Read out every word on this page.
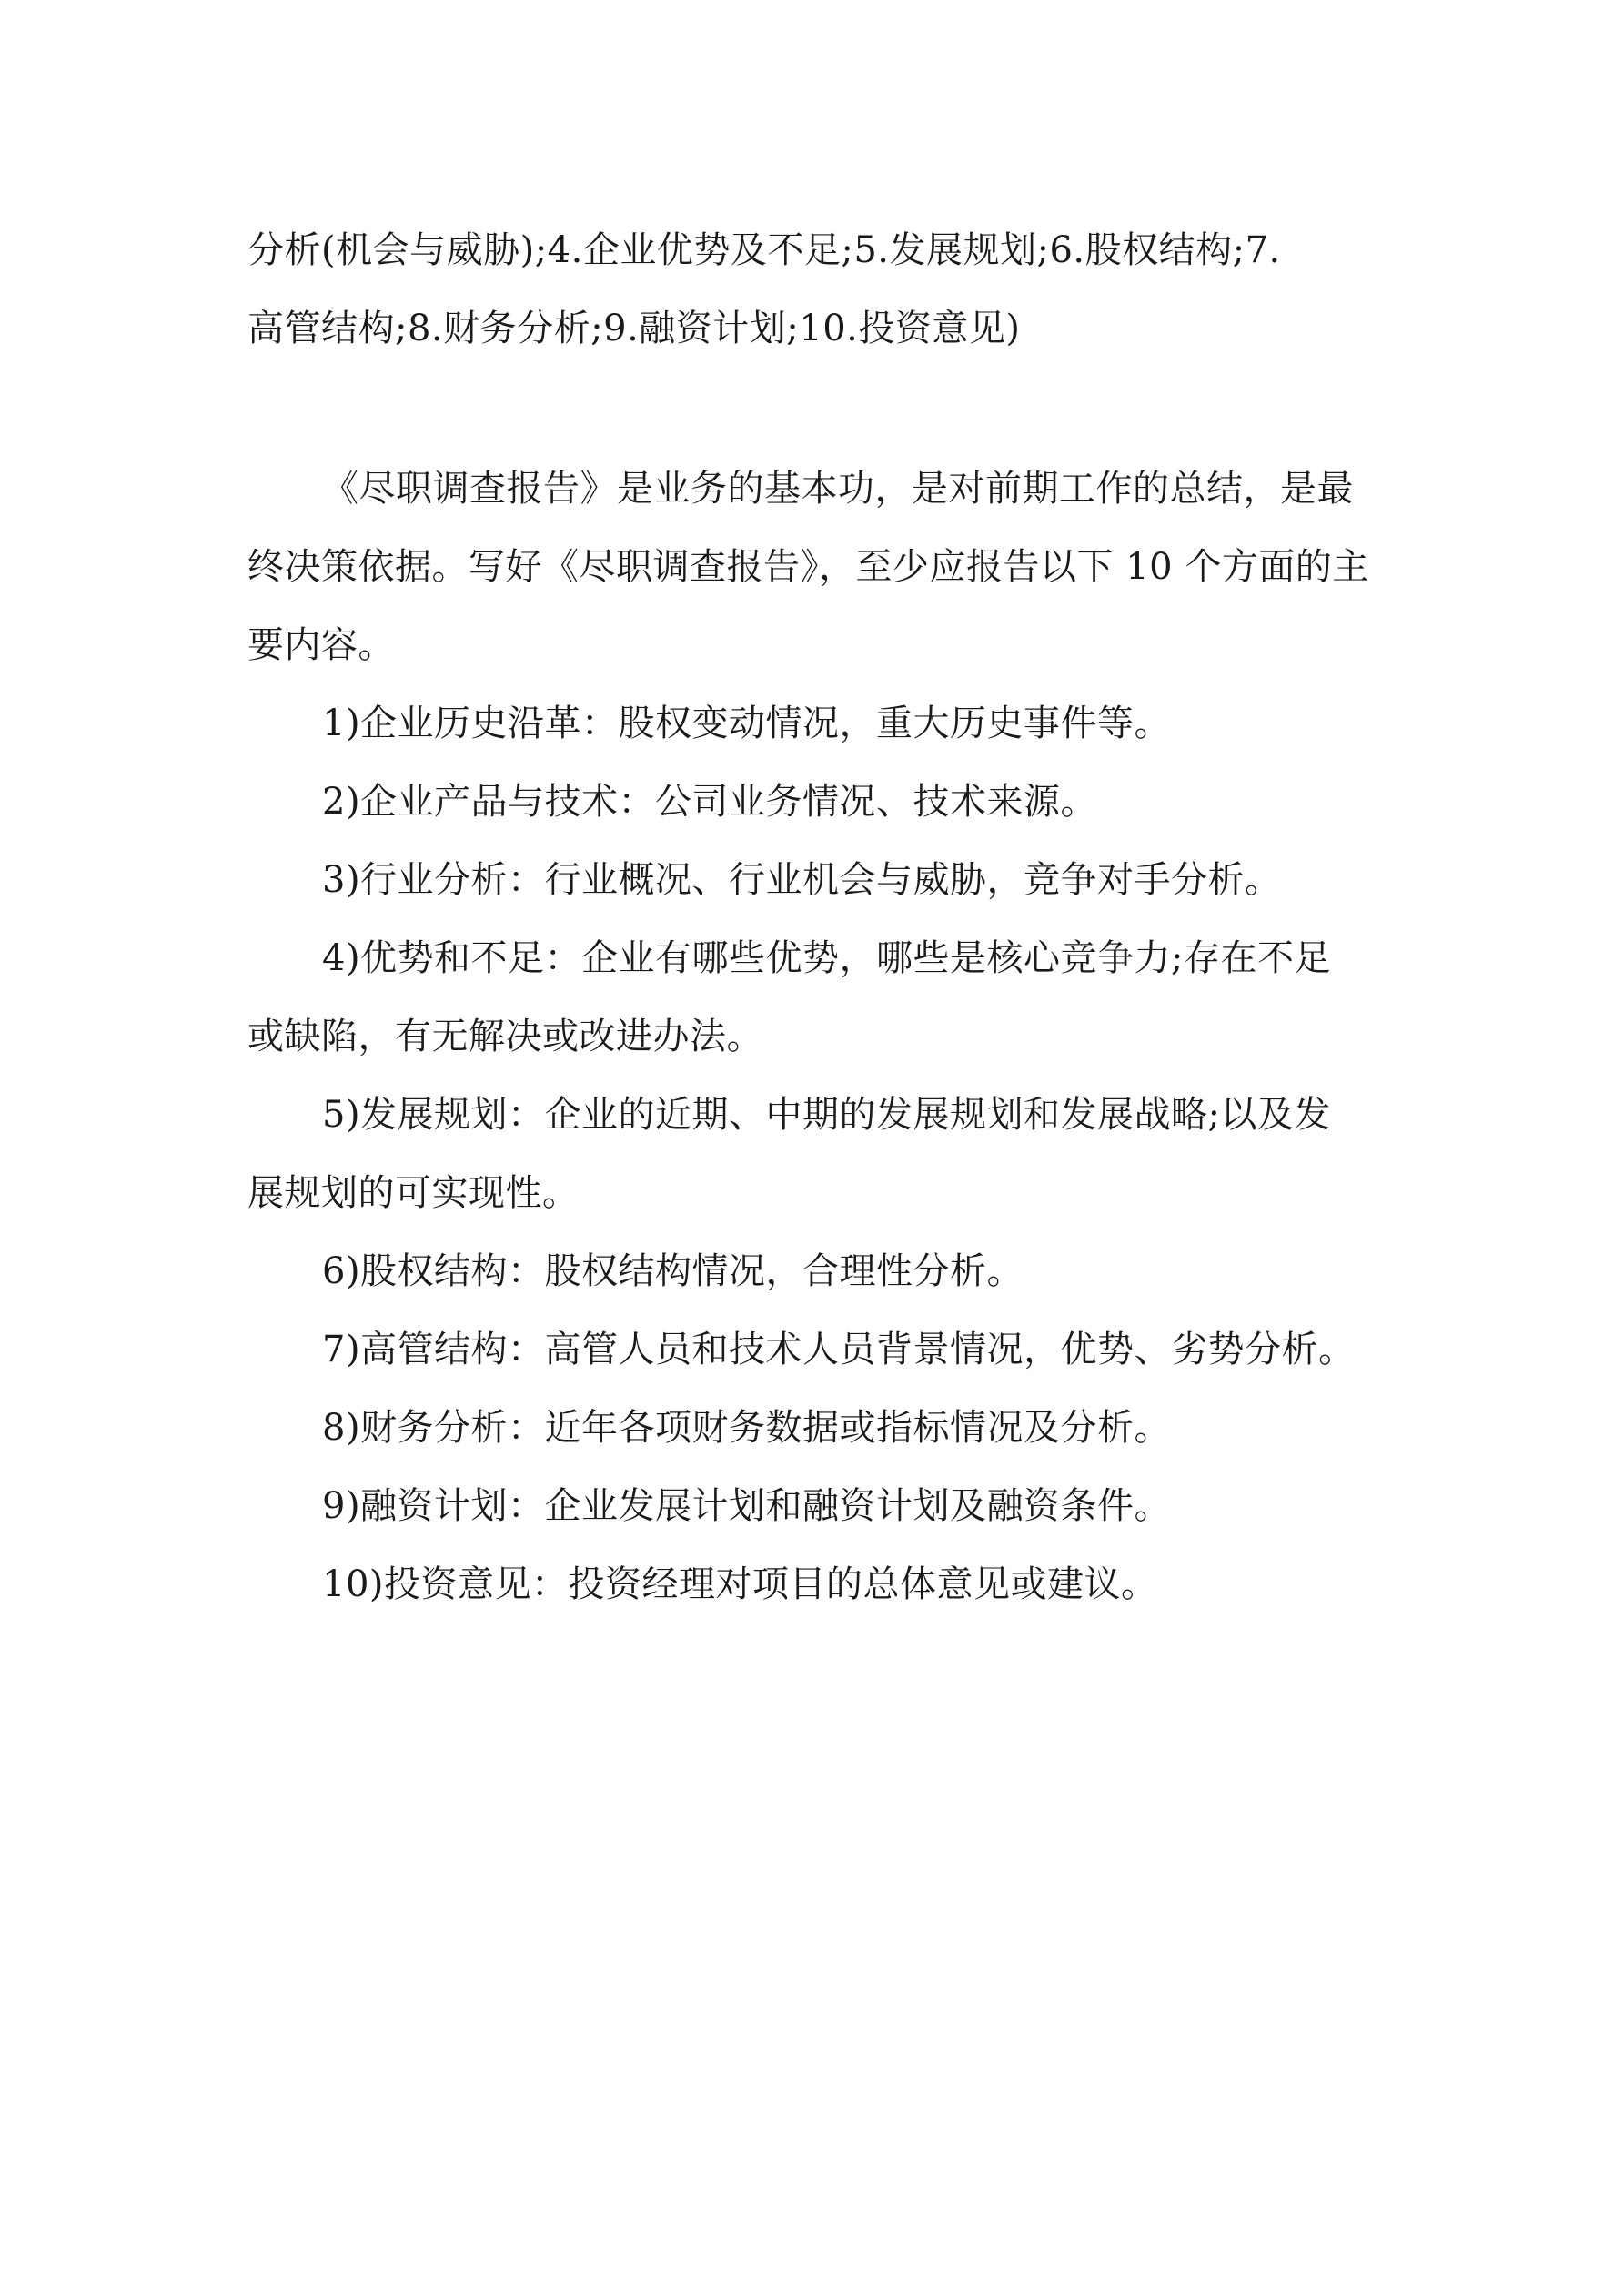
分析(机会与威胁);4.企业优势及不足;5.发展规划;6.股权结构;7.
高管结构;8.财务分析;9.融资计划;10.投资意见)
《尽职调查报告》是业务的基本功，是对前期工作的总结，是最
终决策依据。写好《尽职调查报告》，至少应报告以下 10 个方面的主
要内容。
1)企业历史沿革：股权变动情况，重大历史事件等。
2)企业产品与技术：公司业务情况、技术来源。
3)行业分析：行业概况、行业机会与威胁，竞争对手分析。
4)优势和不足：企业有哪些优势，哪些是核心竞争力;存在不足
或缺陷，有无解决或改进办法。
5)发展规划：企业的近期、中期的发展规划和发展战略;以及发
展规划的可实现性。
6)股权结构：股权结构情况，合理性分析。
7)高管结构：高管人员和技术人员背景情况，优势、劣势分析。
8)财务分析：近年各项财务数据或指标情况及分析。
9)融资计划：企业发展计划和融资计划及融资条件。
10)投资意见：投资经理对项目的总体意见或建议。
